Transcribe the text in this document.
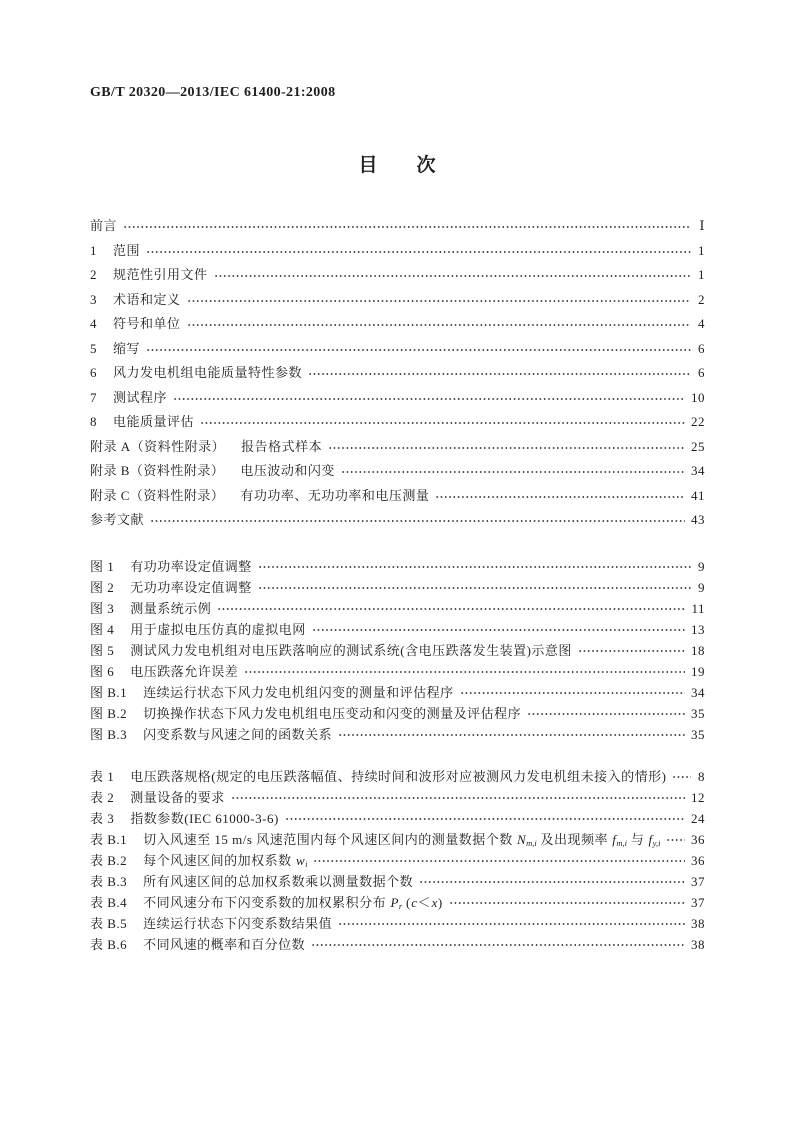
GB/T 20320—2013/IEC 61400-21:2008
目　次
前言	Ⅰ
1 范围	1
2 规范性引用文件	1
3 术语和定义	2
4 符号和单位	4
5 缩写	6
6 风力发电机组电能质量特性参数	6
7 测试程序	10
8 电能质量评估	22
附录 A（资料性附录） 报告格式样本	25
附录 B（资料性附录） 电压波动和闪变	34
附录 C（资料性附录） 有功功率、无功功率和电压测量	41
参考文献	43
图 1 有功功率设定值调整	9
图 2 无功功率设定值调整	9
图 3 测量系统示例	11
图 4 用于虚拟电压仿真的虚拟电网	13
图 5 测试风力发电机组对电压跌落响应的测试系统(含电压跌落发生装置)示意图	18
图 6 电压跌落允许误差	19
图 B.1 连续运行状态下风力发电机组闪变的测量和评估程序	34
图 B.2 切换操作状态下风力发电机组电压变动和闪变的测量及评估程序	35
图 B.3 闪变系数与风速之间的函数关系	35
表 1 电压跌落规格(规定的电压跌落幅值、持续时间和波形对应被测风力发电机组未接入的情形) 8
表 2 测量设备的要求	12
表 3 指数参数(IEC 61000-3-6)	24
表 B.1 切入风速至 15 m/s 风速范围内每个风速区间内的测量数据个数 $N_{m,i}$ 及出现频率 $f_{m,i}$ 与 $f_{y,i}$ 36
表 B.2 每个风速区间的加权系数 $w_i$	36
表 B.3 所有风速区间的总加权系数乘以测量数据个数	37
表 B.4 不同风速分布下闪变系数的加权累积分布 $P_r$ (c＜x)	37
表 B.5 连续运行状态下闪变系数结果值	38
表 B.6 不同风速的概率和百分位数	38
